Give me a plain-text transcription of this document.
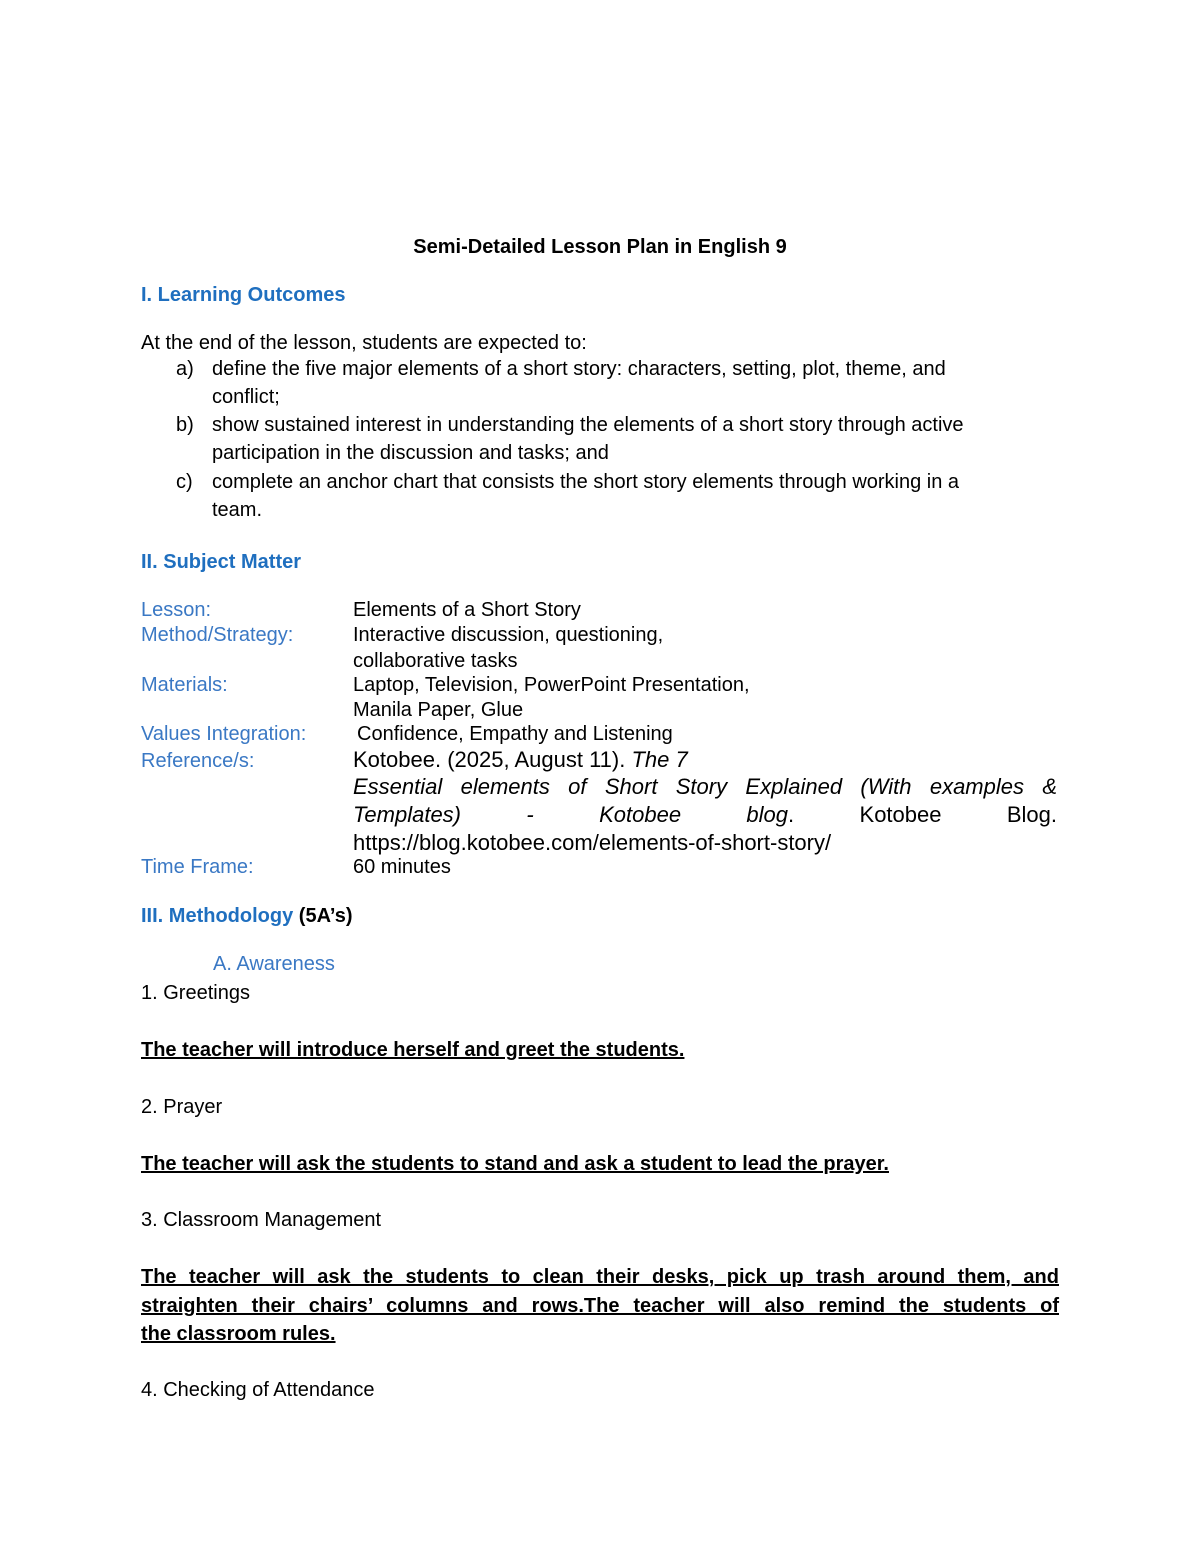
Semi-Detailed Lesson Plan in English 9
I. Learning Outcomes
At the end of the lesson, students are expected to:
a) define the five major elements of a short story: characters, setting, plot, theme, and
conflict;
b) show sustained interest in understanding the elements of a short story through active
participation in the discussion and tasks; and
c) complete an anchor chart that consists the short story elements through working in a
team.
II. Subject Matter
Lesson:	Elements of a Short Story
Method/Strategy:	Interactive discussion, questioning,
collaborative tasks
Materials:	Laptop, Television, PowerPoint Presentation,
Manila Paper, Glue
Values Integration:	Confidence, Empathy and Listening
Reference/s:	Kotobee. (2025, August 11). The 7
Essential elements of Short Story Explained (With examples &
Templates) - Kotobee blog. Kotobee Blog.
https://blog.kotobee.com/elements-of-short-story/
Time Frame:	60 minutes
III. Methodology (5A’s)
A. Awareness
1. Greetings
The teacher will introduce herself and greet the students.
2. Prayer
The teacher will ask the students to stand and ask a student to lead the prayer.
3. Classroom Management
The teacher will ask the students to clean their desks, pick up trash around them, and
straighten their chairs’ columns and rows.The teacher will also remind the students of
the classroom rules.
4. Checking of Attendance
